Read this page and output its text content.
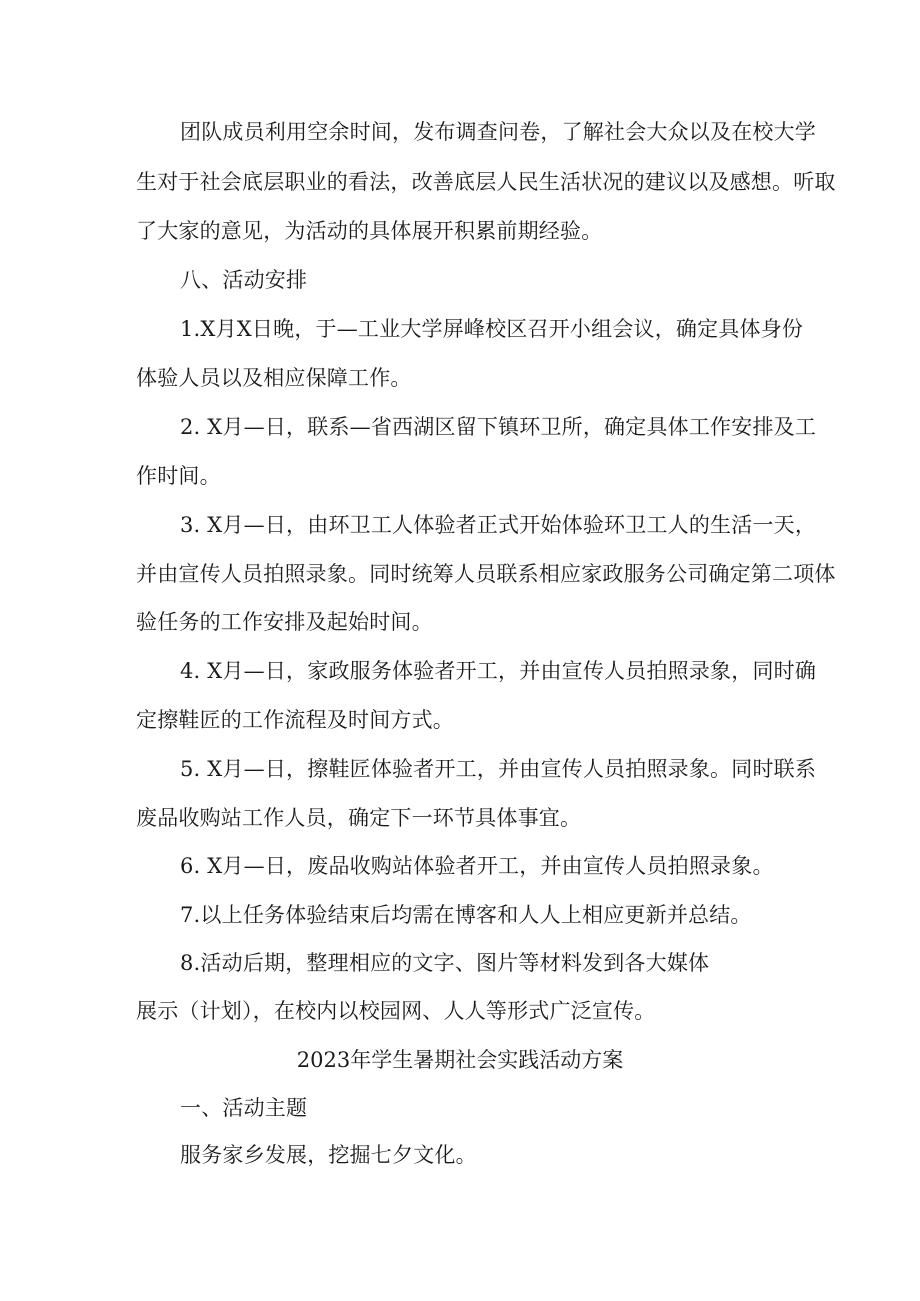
团队成员利用空余时间，发布调查问卷，了解社会大众以及在校大学
生对于社会底层职业的看法，改善底层人民生活状况的建议以及感想。听取
了大家的意见，为活动的具体展开积累前期经验。
八、活动安排
1.X月X日晚，于—工业大学屏峰校区召开小组会议，确定具体身份
体验人员以及相应保障工作。
2. X月—日，联系—省西湖区留下镇环卫所，确定具体工作安排及工
作时间。
3. X月—日，由环卫工人体验者正式开始体验环卫工人的生活一天，
并由宣传人员拍照录象。同时统筹人员联系相应家政服务公司确定第二项体
验任务的工作安排及起始时间。
4. X月—日，家政服务体验者开工，并由宣传人员拍照录象，同时确
定擦鞋匠的工作流程及时间方式。
5. X月—日，擦鞋匠体验者开工，并由宣传人员拍照录象。同时联系
废品收购站工作人员，确定下一环节具体事宜。
6. X月—日，废品收购站体验者开工，并由宣传人员拍照录象。
7.以上任务体验结束后均需在博客和人人上相应更新并总结。
8.活动后期，整理相应的文字、图片等材料发到各大媒体
展示（计划），在校内以校园网、人人等形式广泛宣传。
2023年学生暑期社会实践活动方案
一、活动主题
服务家乡发展，挖掘七夕文化。
